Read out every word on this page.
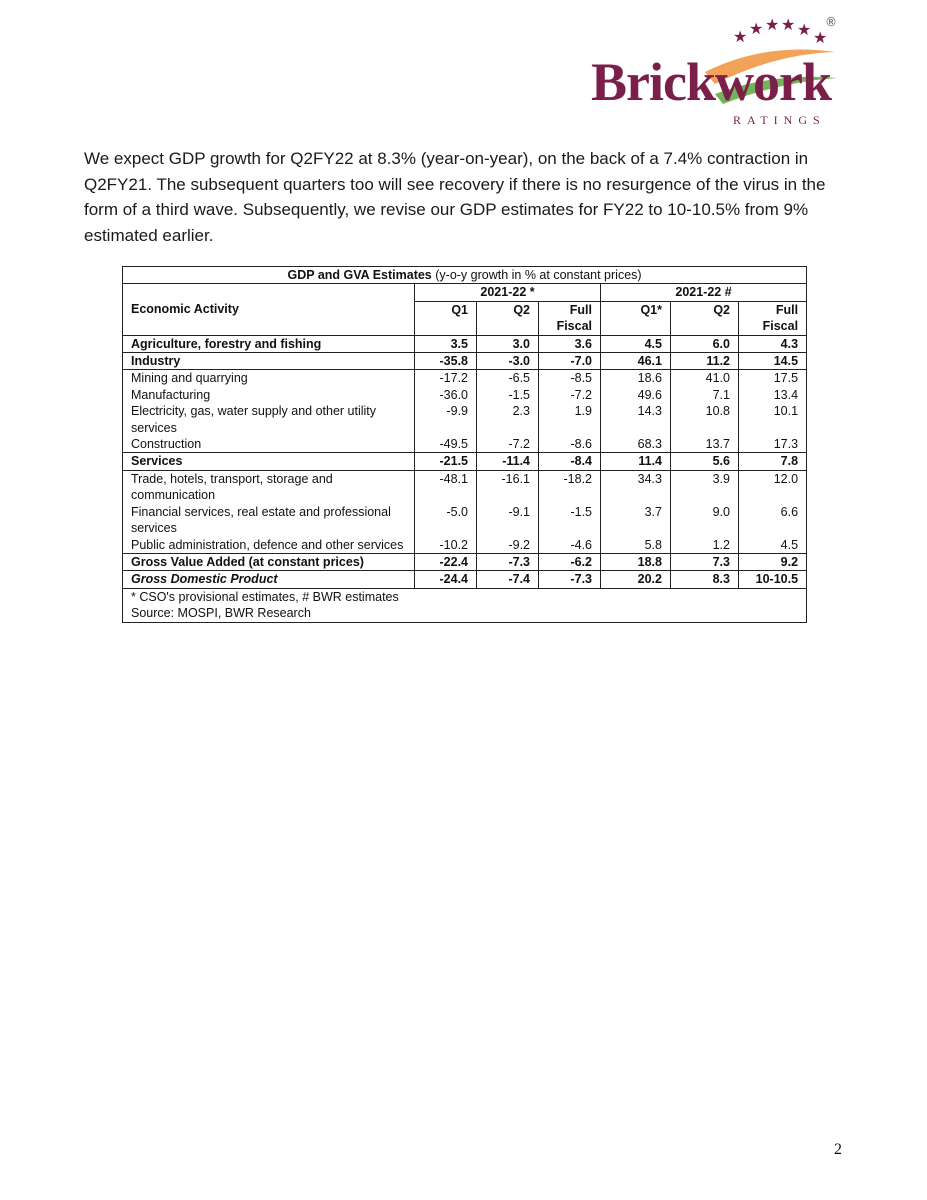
★ ★ ★ ★ ★ ★
®
Brickwork
RATINGS

We expect GDP growth for Q2FY22 at 8.3% (year-on-year), on the back of a 7.4% contraction in Q2FY21. The subsequent quarters too will see recovery if there is no resurgence of the virus in the form of a third wave. Subsequently, we revise our GDP estimates for FY22 to 10-10.5% from 9% estimated earlier.

GDP and GVA Estimates (y-o-y growth in % at constant prices)						
Economic Activity	2021-22 *			2021-22 #		
	Q1	Q2	Full Fiscal	Q1*	Q2	Full Fiscal
Agriculture, forestry and fishing	3.5	3.0	3.6	4.5	6.0	4.3
Industry	-35.8	-3.0	-7.0	46.1	11.2	14.5
Mining and quarrying	-17.2	-6.5	-8.5	18.6	41.0	17.5
Manufacturing	-36.0	-1.5	-7.2	49.6	7.1	13.4
Electricity, gas, water supply and other utility services	-9.9	2.3	1.9	14.3	10.8	10.1
Construction	-49.5	-7.2	-8.6	68.3	13.7	17.3
Services	-21.5	-11.4	-8.4	11.4	5.6	7.8
Trade, hotels, transport, storage and communication	-48.1	-16.1	-18.2	34.3	3.9	12.0
Financial services, real estate and professional services	-5.0	-9.1	-1.5	3.7	9.0	6.6
Public administration, defence and other services	-10.2	-9.2	-4.6	5.8	1.2	4.5
Gross Value Added (at constant prices)	-22.4	-7.3	-6.2	18.8	7.3	9.2
Gross Domestic Product	-24.4	-7.4	-7.3	20.2	8.3	10-10.5

* CSO's provisional estimates, # BWR estimates
Source: MOSPI, BWR Research						
2
